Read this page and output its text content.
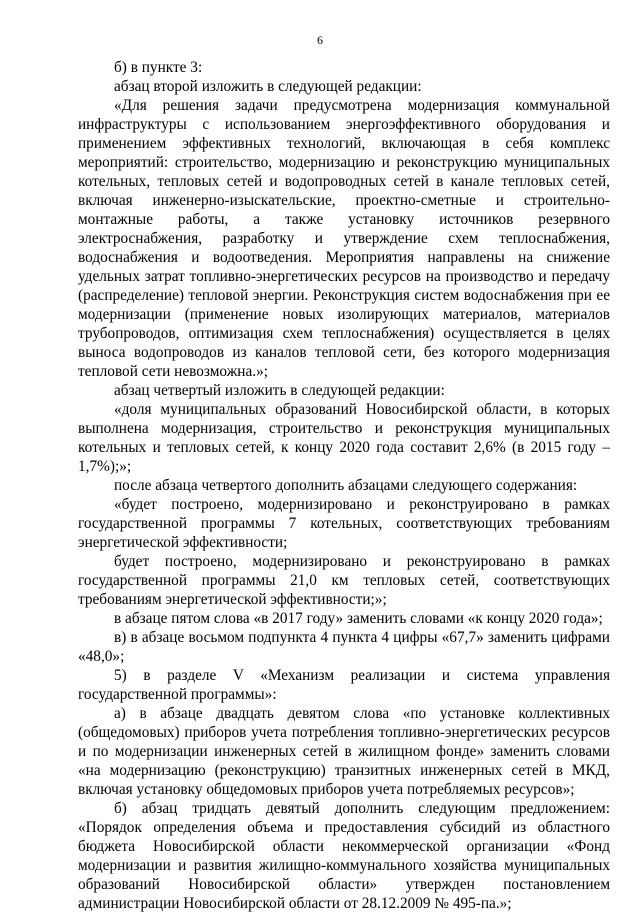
6

б) в пункте 3:

абзац второй изложить в следующей редакции:

«Для решения задачи предусмотрена модернизация коммунальной инфраструктуры с использованием энергоэффективного оборудования и применением эффективных технологий, включающая в себя комплекс мероприятий: строительство, модернизацию и реконструкцию муниципальных котельных, тепловых сетей и водопроводных сетей в канале тепловых сетей, включая инженерно-изыскательские, проектно-сметные и строительно-монтажные работы, а также установку источников резервного электроснабжения, разработку и утверждение схем теплоснабжения, водоснабжения и водоотведения. Мероприятия направлены на снижение удельных затрат топливно-энергетических ресурсов на производство и передачу (распределение) тепловой энергии. Реконструкция систем водоснабжения при ее модернизации (применение новых изолирующих материалов, материалов трубопроводов, оптимизация схем теплоснабжения) осуществляется в целях выноса водопроводов из каналов тепловой сети, без которого модернизация тепловой сети невозможна.»;

абзац четвертый изложить в следующей редакции:

«доля муниципальных образований Новосибирской области, в которых выполнена модернизация, строительство и реконструкция муниципальных котельных и тепловых сетей, к концу 2020 года составит 2,6% (в 2015 году – 1,7%);»;

после абзаца четвертого дополнить абзацами следующего содержания:

«будет построено, модернизировано и реконструировано в рамках государственной программы 7 котельных, соответствующих требованиям энергетической эффективности;

будет построено, модернизировано и реконструировано в рамках государственной программы 21,0 км тепловых сетей, соответствующих требованиям энергетической эффективности;»;

в абзаце пятом слова «в 2017 году» заменить словами «к концу 2020 года»;

в) в абзаце восьмом подпункта 4 пункта 4 цифры «67,7» заменить цифрами «48,0»;

5) в разделе V «Механизм реализации и система управления государственной программы»:

а) в абзаце двадцать девятом слова «по установке коллективных (общедомовых) приборов учета потребления топливно-энергетических ресурсов и по модернизации инженерных сетей в жилищном фонде» заменить словами «на модернизацию (реконструкцию) транзитных инженерных сетей в МКД, включая установку общедомовых приборов учета потребляемых ресурсов»;

б) абзац тридцать девятый дополнить следующим предложением: «Порядок определения объема и предоставления субсидий из областного бюджета Новосибирской области некоммерческой организации «Фонд модернизации и развития жилищно-коммунального хозяйства муниципальных образований Новосибирской области» утвержден постановлением администрации Новосибирской области от 28.12.2009 № 495-па.»;
